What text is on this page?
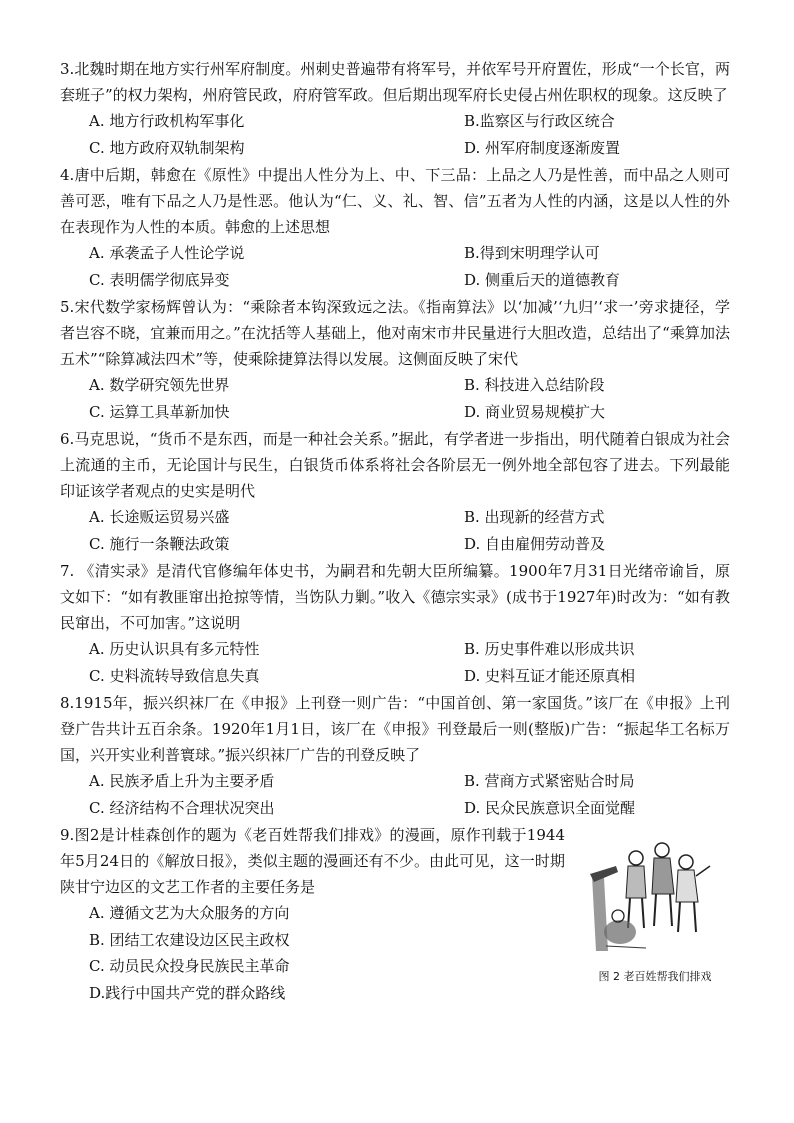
3.北魏时期在地方实行州军府制度。州刺史普遍带有将军号，并依军号开府置佐，形成“一个长官，两套班子”的权力架构，州府管民政，府府管军政。但后期出现军府长史侵占州佐职权的现象。这反映了

A. 地方行政机构军事化	B.监察区与行政区统合
C. 地方政府双轨制架构	D. 州军府制度逐渐废置

4.唐中后期，韩愈在《原性》中提出人性分为上、中、下三品：上品之人乃是性善，而中品之人则可善可恶，唯有下品之人乃是性恶。他认为“仁、义、礼、智、信”五者为人性的内涵，这是以人性的外在表现作为人性的本质。韩愈的上述思想

A. 承袭孟子人性论学说	B.得到宋明理学认可
C. 表明儒学彻底异变	D. 侧重后天的道德教育

5.宋代数学家杨辉曾认为：“乘除者本钩深致远之法。《指南算法》以‘加减’‘九归’‘求一’旁求捷径，学者岂容不晓，宜兼而用之。”在沈括等人基础上，他对南宋市井民量进行大胆改造，总结出了“乘算加法五术”“除算减法四术”等，使乘除捷算法得以发展。这侧面反映了宋代

A. 数学研究领先世界	B. 科技进入总结阶段
C. 运算工具革新加快	D. 商业贸易规模扩大

6.马克思说，“货币不是东西，而是一种社会关系。”据此，有学者进一步指出，明代随着白银成为社会上流通的主币，无论国计与民生，白银货币体系将社会各阶层无一例外地全部包容了进去。下列最能印证该学者观点的史实是明代

A. 长途贩运贸易兴盛	B. 出现新的经营方式
C. 施行一条鞭法政策	D. 自由雇佣劳动普及

7. 《清实录》是清代官修编年体史书，为嗣君和先朝大臣所编纂。1900年7月31日光绪帝谕旨，原文如下：“如有教匪窜出抢掠等情，当饬队力剿。”收入《德宗实录》(成书于1927年)时改为：“如有教民窜出，不可加害。”这说明

A. 历史认识具有多元特性	B. 历史事件难以形成共识
C. 史料流转导致信息失真	D. 史料互证才能还原真相

8.1915年，振兴织袜厂在《申报》上刊登一则广告：“中国首创、第一家国货。”该厂在《申报》上刊登广告共计五百余条。1920年1月1日，该厂在《申报》刊登最后一则(整版)广告：“振起华工名标万国，兴开实业利普寰球。”振兴织袜厂广告的刊登反映了

A. 民族矛盾上升为主要矛盾	B. 营商方式紧密贴合时局
C. 经济结构不合理状况突出	D. 民众民族意识全面觉醒

9.图2是计桂森创作的题为《老百姓帮我们排戏》的漫画，原作刊载于1944年5月24日的《解放日报》，类似主题的漫画还有不少。由此可见，这一时期陕甘宁边区的文艺工作者的主要任务是

A. 遵循文艺为大众服务的方向
B. 团结工农建设边区民主政权
C. 动员民众投身民族民主革命
D.践行中国共产党的群众路线
图 2 老百姓帮我们排戏
